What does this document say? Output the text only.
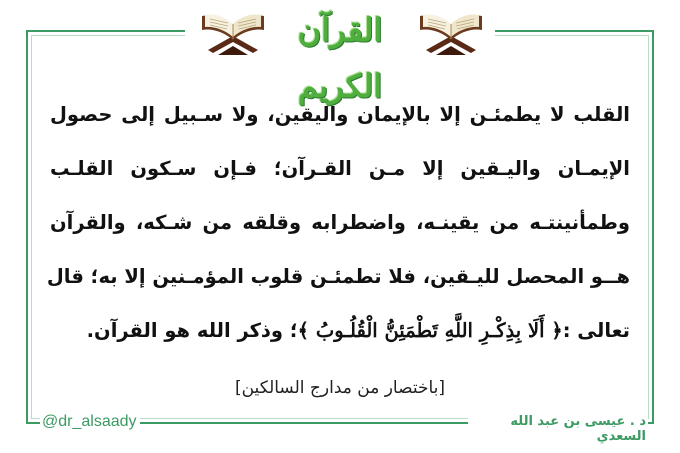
القرآن الكريم
القلب لا يطمئـن إلا بالإيمان واليقين، ولا سـبيل إلى حصول
الإيمـان واليـقين إلا مـن القـرآن؛ فـإن سـكون القلـب
وطمأنينتـه من يقينـه، واضطرابه وقلقه من شـكه، والقرآن
هــو المحصل لليـقين، فلا تطمئـن قلوب المؤمـنين إلا به؛ قال
تعالى :﴿ أَلَا بِذِكْـرِ اللَّهِ تَطْمَئِنُّ الْقُلُـوبُ ﴾؛ وذكر الله هو القرآن.
[باختصار من مدارج السالكين]
@dr_alsaady	د . عيسى بن عبد الله السعدي
